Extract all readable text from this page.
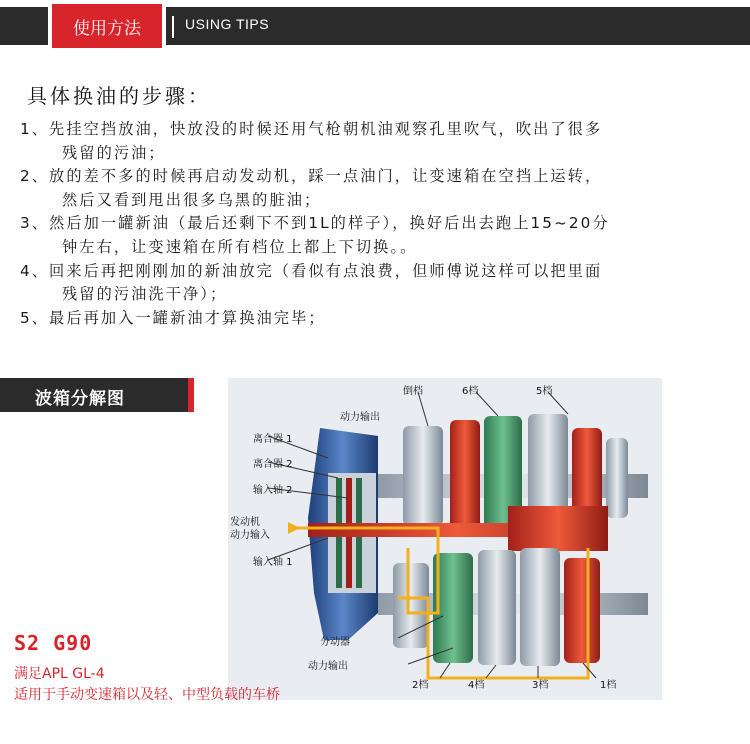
使用方法	USING TIPS
具体换油的步骤：
1、先挂空挡放油，快放没的时候还用气枪朝机油观察孔里吹气，吹出了很多
残留的污油；
2、放的差不多的时候再启动发动机，踩一点油门，让变速箱在空挡上运转，
然后又看到甩出很多乌黑的脏油；
3、然后加一罐新油（最后还剩下不到1L的样子），换好后出去跑上15~20分
钟左右，让变速箱在所有档位上都上下切换。。
4、回来后再把刚刚加的新油放完（看似有点浪费，但师傅说这样可以把里面
残留的污油洗干净）；
5、最后再加入一罐新油才算换油完毕；
波箱分解图	倒档	6档	5档
动力输出
离合器 1
离合器 2
输入轴 2
发动机
动力输入
输入轴 1
分动器
动力输出
2档	4档	3档	1档
S2 G90
满足APL GL-4
适用于手动变速箱以及轻、中型负载的车桥
